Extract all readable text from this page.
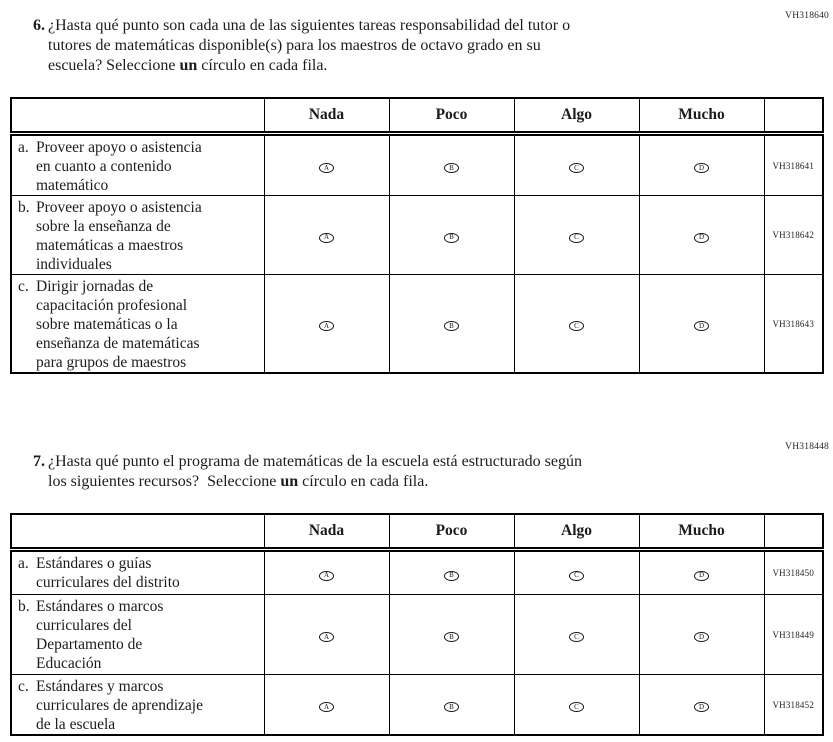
VH318640
6. ¿Hasta qué punto son cada una de las siguientes tareas responsabilidad del tutor o
tutores de matemáticas disponible(s) para los maestros de octavo grado en su
escuela? Seleccione un círculo en cada fila.
	Nada	Poco	Algo	Mucho	

a. Proveer apoyo o asistencia
en cuanto a contenido
matemático	A	B	C	D	VH318641

b. Proveer apoyo o asistencia
sobre la enseñanza de
matemáticas a maestros
individuales	A	B	C	D	VH318642

c. Dirigir jornadas de
capacitación profesional
sobre matemáticas o la
enseñanza de matemáticas
para grupos de maestros
	A	B	C	D	VH318643
VH318448
7. ¿Hasta qué punto el programa de matemáticas de la escuela está estructurado según
los siguientes recursos?  Seleccione un círculo en cada fila.
	Nada	Poco	Algo	Mucho	

a. Estándares o guías
curriculares del distrito	A	B	C	D	VH318450

b. Estándares o marcos
curriculares del
Departamento de
Educación	A	B	C	D	VH318449

c. Estándares y marcos
curriculares de aprendizaje
de la escuela	A	B	C	D	VH318452
